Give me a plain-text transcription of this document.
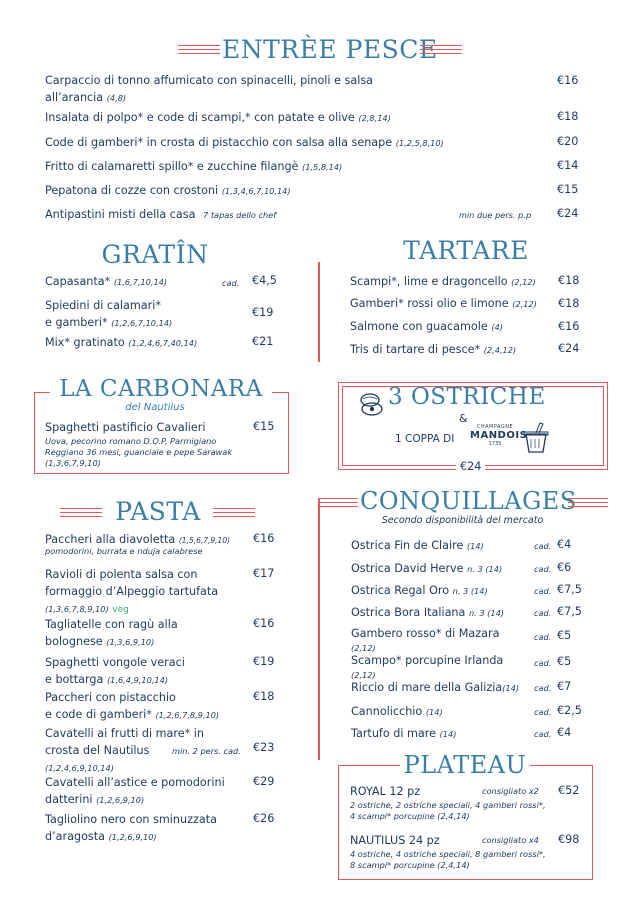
ENTRÈE PESCE
Carpaccio di tonno affumicato con spinacelli, pinoli e salsa
all’arancia (4,8)
€16
Insalata di polpo* e code di scampi,* con patate e olive (2,8,14)	€18
Code di gamberi* in crosta di pistacchio con salsa alla senape (1,2,5,8,10)	€20
Fritto di calamaretti spillo* e zucchine filangè (1,5,8,14)	€14
Pepatona di cozze con crostoni (1,3,4,6,7,10,14)	€15
Antipastini misti della casa 7 tapas dello chef	min due pers. p.p €24
GRATÎN
Capasanta* (1,6,7,10,14)	cad. €4,5
Spiedini di calamari*
e gamberi* (1,2,6,7,10,14)
€19
Mix* gratinato (1,2,4,6,7,40,14)	€21
TARTARE
Scampi*, lime e dragoncello (2,12) €18
Gamberi* rossi olio e limone (2,12) €18
Salmone con guacamole (4)	€16
Tris di tartare di pesce* (2,4,12)	€24
LA CARBONARA
del Nautilus
Spaghetti pastificio Cavalieri	€15
Uova, pecorino romano D.O.P, Parmigiano
Reggiano 36 mesi, guanciale e pepe Sarawak
(1,3,6,7,9,10)
3 OSTRICHE
&
1 COPPA DI
CHAMPAGNE
MANDOIS
1735
€24
PASTA
Paccheri alla diavoletta (1,5,6,7,9,10)
pomodorini, burrata e nduja calabrese
€16
Ravioli di polenta salsa con
formaggio d’Alpeggio tartufata
(1,3,6,7,8,9,10) veg
€17
Tagliatelle con ragù alla
bolognese (1,3,6,9,10)
€16
Spaghetti vongole veraci
e bottarga (1,6,4,9,10,14)
€19
Paccheri con pistacchio
e code di gamberi* (1,2,6,7,8,9,10)
€18
Cavatelli ai frutti di mare* in
crosta del Nautilus
(1,2,4,6,9,10,14)
min. 2 pers. cad. €23
Cavatelli all’astice e pomodorini
datterini (1,2,6,9,10)
€29
Tagliolino nero con sminuzzata
d’aragosta (1,2,6,9,10)
€26
CONQUILLAGES
Secondo disponibilità del mercato
Ostrica Fin de Claire (14)	cad. €4
Ostrica David Herve n. 3 (14)	cad. €6
Ostrica Regal Oro n. 3 (14)	cad. €7,5
Ostrica Bora Italiana n. 3 (14)	cad. €7,5
Gambero rosso* di Mazara
(2,12)
cad. €5
Scampo* porcupine Irlanda
(2,12)
cad. €5
Riccio di mare della Galizia(14) cad. €7
Cannolicchio (14)	cad. €2,5
Tartufo di mare (14)	cad. €4
PLATEAU
ROYAL 12 pz	consigliato x2 €52
2 ostriche, 2 ostriche speciali, 4 gamberi rossi*,
4 scampi* porcupine (2,4,14)
NAUTILUS 24 pz	consigliato x4 €98
4 ostriche, 4 ostriche speciali, 8 gamberi rossi*,
8 scampi* porcupine (2,4,14)
